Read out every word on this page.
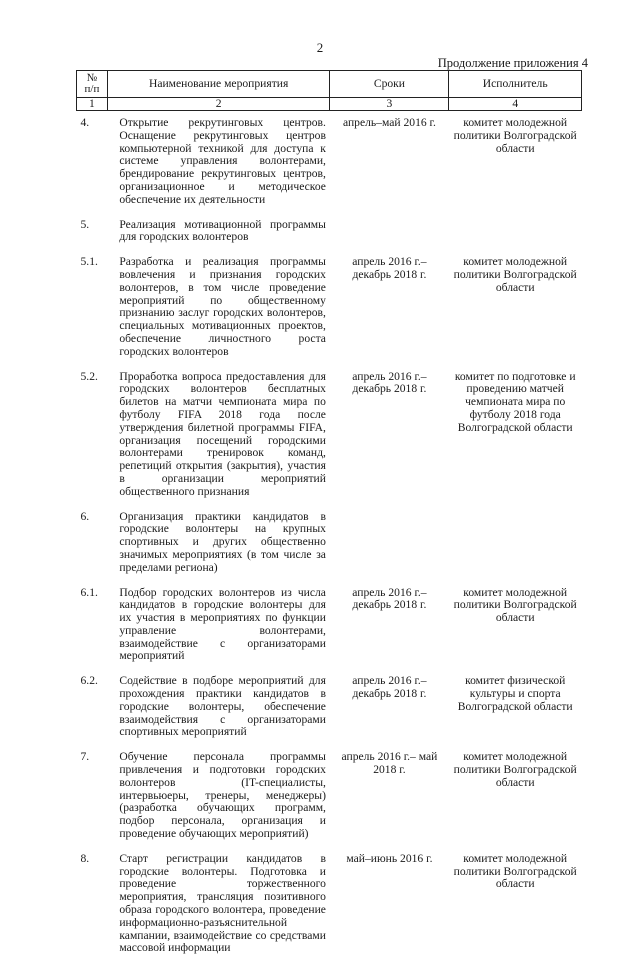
2
Продолжение приложения 4
№ п/п	Наименование мероприятия	Сроки	Исполнитель
1	2	3	4
4.	Открытие рекрутинговых центров. Оснащение рекрутинговых центров компьютерной техникой для доступа к системе управления волонтерами, брендирование рекрутинговых центров, организационное и методическое обеспечение их деятельности	апрель–май 2016 г.	комитет молодежной политики Волгоградской области
5.	Реализация мотивационной программы для городских волонтеров		
5.1.	Разработка и реализация программы вовлечения и признания городских волонтеров, в том числе проведение мероприятий по общественному признанию заслуг городских волонтеров, специальных мотивационных проектов, обеспечение личностного роста городских волонтеров	апрель 2016 г.– декабрь 2018 г.	комитет молодежной политики Волгоградской области
5.2.	Проработка вопроса предоставления для городских волонтеров бесплатных билетов на матчи чемпионата мира по футболу FIFA 2018 года после утверждения билетной программы FIFA, организация посещений городскими волонтерами тренировок команд, репетиций открытия (закрытия), участия в организации мероприятий общественного признания	апрель 2016 г.– декабрь 2018 г.	комитет по подготовке и проведению матчей чемпионата мира по футболу 2018 года Волгоградской области
6.	Организация практики кандидатов в городские волонтеры на крупных спортивных и других общественно значимых мероприятиях (в том числе за пределами региона)		
6.1.	Подбор городских волонтеров из числа кандидатов в городские волонтеры для их участия в мероприятиях по функции управление волонтерами, взаимодействие с организаторами мероприятий	апрель 2016 г.– декабрь 2018 г.	комитет молодежной политики Волгоградской области
6.2.	Содействие в подборе мероприятий для прохождения практики кандидатов в городские волонтеры, обеспечение взаимодействия с организаторами спортивных мероприятий	апрель 2016 г.– декабрь 2018 г.	комитет физической культуры и спорта Волгоградской области
7.	Обучение персонала программы привлечения и подготовки городских волонтеров (IT-специалисты, интервьюеры, тренеры, менеджеры) (разработка обучающих программ, подбор персонала, организация и проведение обучающих мероприятий)	апрель 2016 г.– май 2018 г.	комитет молодежной политики Волгоградской области
8.	Старт регистрации кандидатов в городские волонтеры. Подготовка и проведение торжественного мероприятия, трансляция позитивного образа городского волонтера, проведение информационно-разъяснительной кампании, взаимодействие со средствами массовой информации	май–июнь 2016 г.	комитет молодежной политики Волгоградской области
